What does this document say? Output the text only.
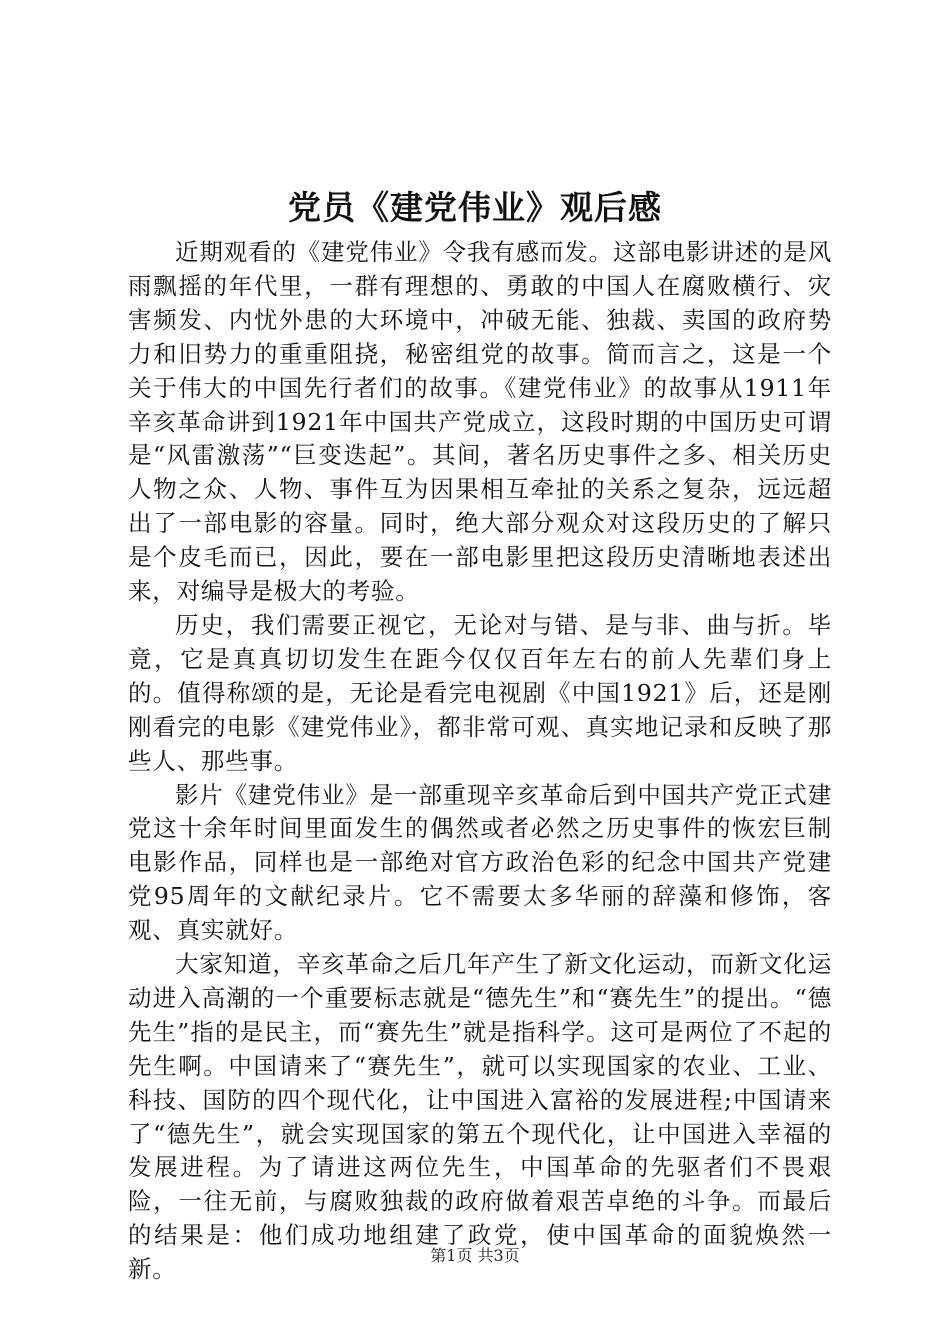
党员《建党伟业》观后感

近期观看的《建党伟业》令我有感而发。这部电影讲述的是风雨飘摇的年代里，一群有理想的、勇敢的中国人在腐败横行、灾害频发、内忧外患的大环境中，冲破无能、独裁、卖国的政府势力和旧势力的重重阻挠，秘密组党的故事。简而言之，这是一个关于伟大的中国先行者们的故事。《建党伟业》的故事从1911年辛亥革命讲到1921年中国共产党成立，这段时期的中国历史可谓是“风雷激荡”“巨变迭起”。其间，著名历史事件之多、相关历史人物之众、人物、事件互为因果相互牵扯的关系之复杂，远远超出了一部电影的容量。同时，绝大部分观众对这段历史的了解只是个皮毛而已，因此，要在一部电影里把这段历史清晰地表述出来，对编导是极大的考验。

历史，我们需要正视它，无论对与错、是与非、曲与折。毕竟，它是真真切切发生在距今仅仅百年左右的前人先辈们身上的。值得称颂的是，无论是看完电视剧《中国1921》后，还是刚刚看完的电影《建党伟业》，都非常可观、真实地记录和反映了那些人、那些事。

影片《建党伟业》是一部重现辛亥革命后到中国共产党正式建党这十余年时间里面发生的偶然或者必然之历史事件的恢宏巨制电影作品，同样也是一部绝对官方政治色彩的纪念中国共产党建党95周年的文献纪录片。它不需要太多华丽的辞藻和修饰，客观、真实就好。

大家知道，辛亥革命之后几年产生了新文化运动，而新文化运动进入高潮的一个重要标志就是“德先生”和“赛先生”的提出。“德先生”指的是民主，而“赛先生”就是指科学。这可是两位了不起的先生啊。中国请来了“赛先生”，就可以实现国家的农业、工业、科技、国防的四个现代化，让中国进入富裕的发展进程;中国请来了“德先生”，就会实现国家的第五个现代化，让中国进入幸福的发展进程。为了请进这两位先生，中国革命的先驱者们不畏艰险，一往无前，与腐败独裁的政府做着艰苦卓绝的斗争。而最后的结果是：他们成功地组建了政党，使中国革命的面貌焕然一新。	第1页 共3页
